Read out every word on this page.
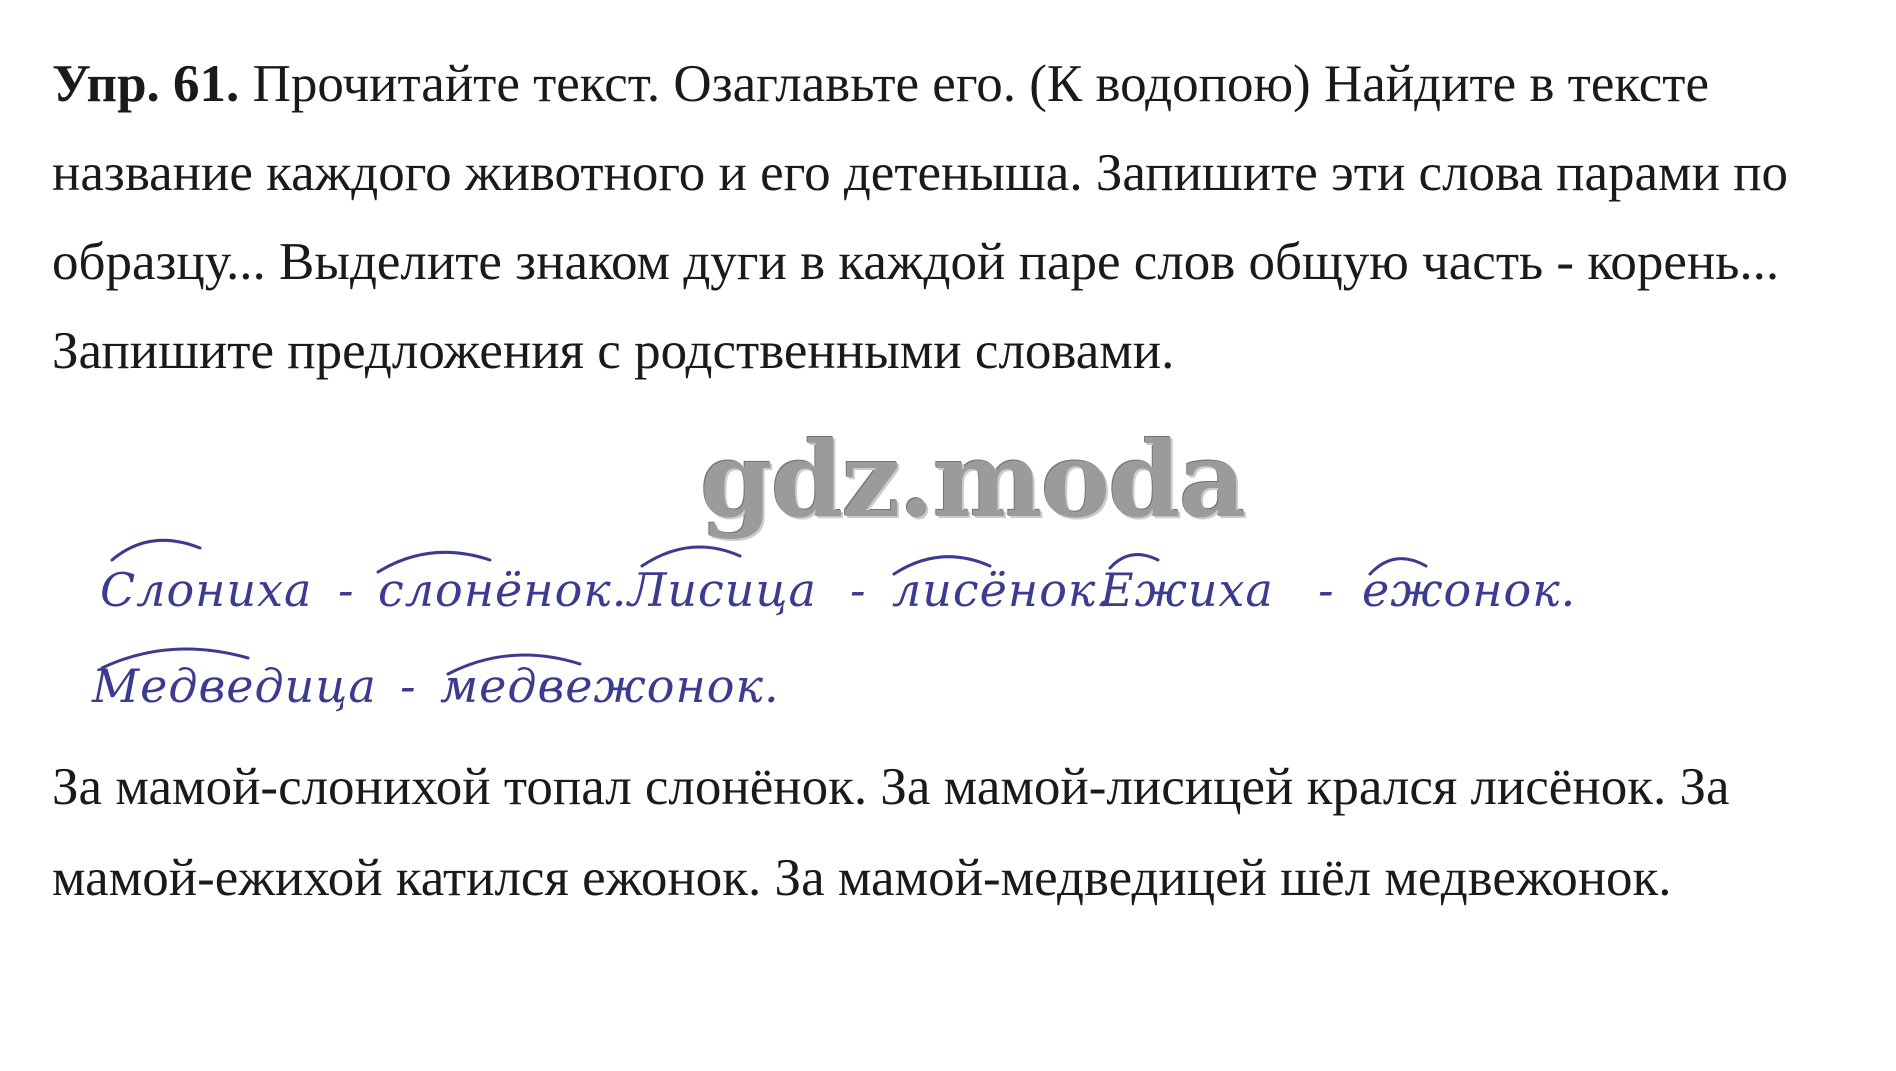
Упр. 61. Прочитайте текст. Озаглавьте его. (К водопою) Найдите в тексте название каждого животного и его детеныша. Запишите эти слова парами по образцу... Выделите знаком дуги в каждой паре слов общую часть - корень... Запишите предложения с родственными словами.

gdz.moda
Слониха - слонёнок. Лисица - лисёнок.
Ежиха - ежонок.
Медведица - медвежонок.

За мамой-слонихой топал слонёнок. За мамой-лисицей крался лисёнок. За мамой-ежихой катился ежонок. За мамой-медведицей шёл медвежонок.
